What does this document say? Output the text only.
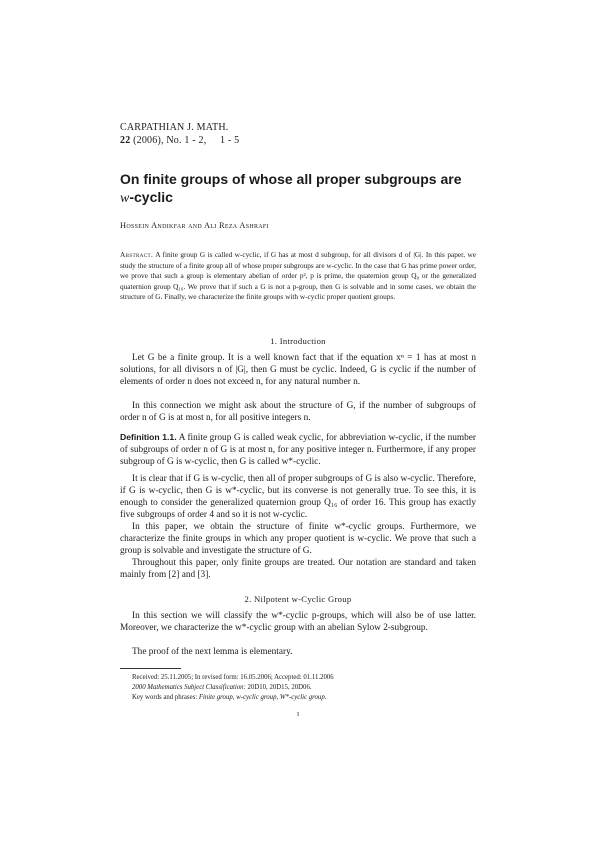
CARPATHIAN J. MATH.
22 (2006), No. 1 - 2,     1 - 5
On finite groups of whose all proper subgroups are
w-cyclic
Hossein Andikfar and Ali Reza Ashrafi
Abstract. A finite group G is called w-cyclic, if G has at most d subgroup, for all divisors d of |G|. In this paper, we study the structure of a finite group all of whose proper subgroups are w-cyclic. In the case that G has prime power order, we prove that such a group is elementary abelian of order p², p is prime, the quaternion group Q₈ or the generalized quaternion group Q₁₆. We prove that if such a G is not a p-group, then G is solvable and in some cases, we obtain the structure of G. Finally, we characterize the finite groups with w-cyclic proper quotient groups.
1. Introduction
Let G be a finite group. It is a well known fact that if the equation xⁿ = 1 has at most n solutions, for all divisors n of |G|, then G must be cyclic. Indeed, G is cyclic if the number of elements of order n does not exceed n, for any natural number n.
In this connection we might ask about the structure of G, if the number of subgroups of order n of G is at most n, for all positive integers n.
Definition 1.1. A finite group G is called weak cyclic, for abbreviation w-cyclic, if the number of subgroups of order n of G is at most n, for any positive integer n. Furthermore, if any proper subgroup of G is w-cyclic, then G is called w*-cyclic.
It is clear that if G is w-cyclic, then all of proper subgroups of G is also w-cyclic. Therefore, if G is w-cyclic, then G is w*-cyclic, but its converse is not generally true. To see this, it is enough to consider the generalized quaternion group Q₁₆ of order 16. This group has exactly five subgroups of order 4 and so it is not w-cyclic.
In this paper, we obtain the structure of finite w*-cyclic groups. Furthermore, we characterize the finite groups in which any proper quotient is w-cyclic. We prove that such a group is solvable and investigate the structure of G.
Throughout this paper, only finite groups are treated. Our notation are standard and taken mainly from [2] and [3].
2. Nilpotent w-Cyclic Group
In this section we will classify the w*-cyclic p-groups, which will also be of use latter. Moreover, we characterize the w*-cyclic group with an abelian Sylow 2-subgroup.
The proof of the next lemma is elementary.
Received: 25.11.2005; In revised form: 16.05.2006; Accepted: 01.11.2006
2000 Mathematics Subject Classification: 20D10, 20D15, 20D06.
Key words and phrases: Finite group, w-cyclic group, W*-cyclic group.
1
